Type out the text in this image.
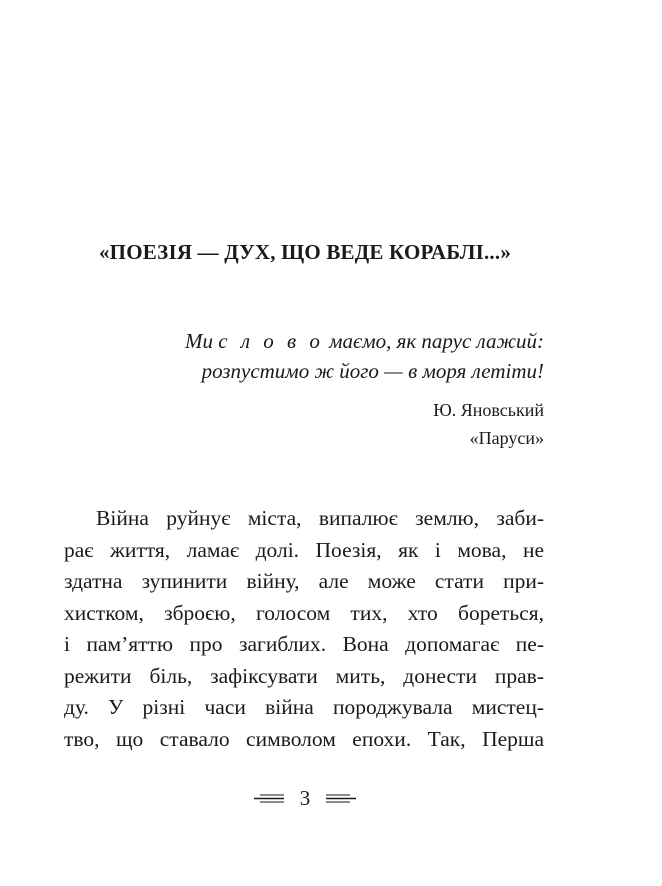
«ПОЕЗІЯ — ДУХ, ЩО ВЕДЕ КОРАБЛІ...»
Ми с л о в о маємо, як парус лажий:
розпустимо ж його — в моря летіти!
Ю. Яновський
«Паруси»
Війна руйнує міста, випалює землю, заби-
рає життя, ламає долі. Поезія, як і мова, не
здатна зупинити війну, але може стати при-
хистком, зброєю, голосом тих, хто бореться,
і пам’яттю про загиблих. Вона допомагає пе-
режити біль, зафіксувати мить, донести прав-
ду. У різні часи війна породжувала мистец-
тво, що ставало символом епохи. Так, Перша
3
